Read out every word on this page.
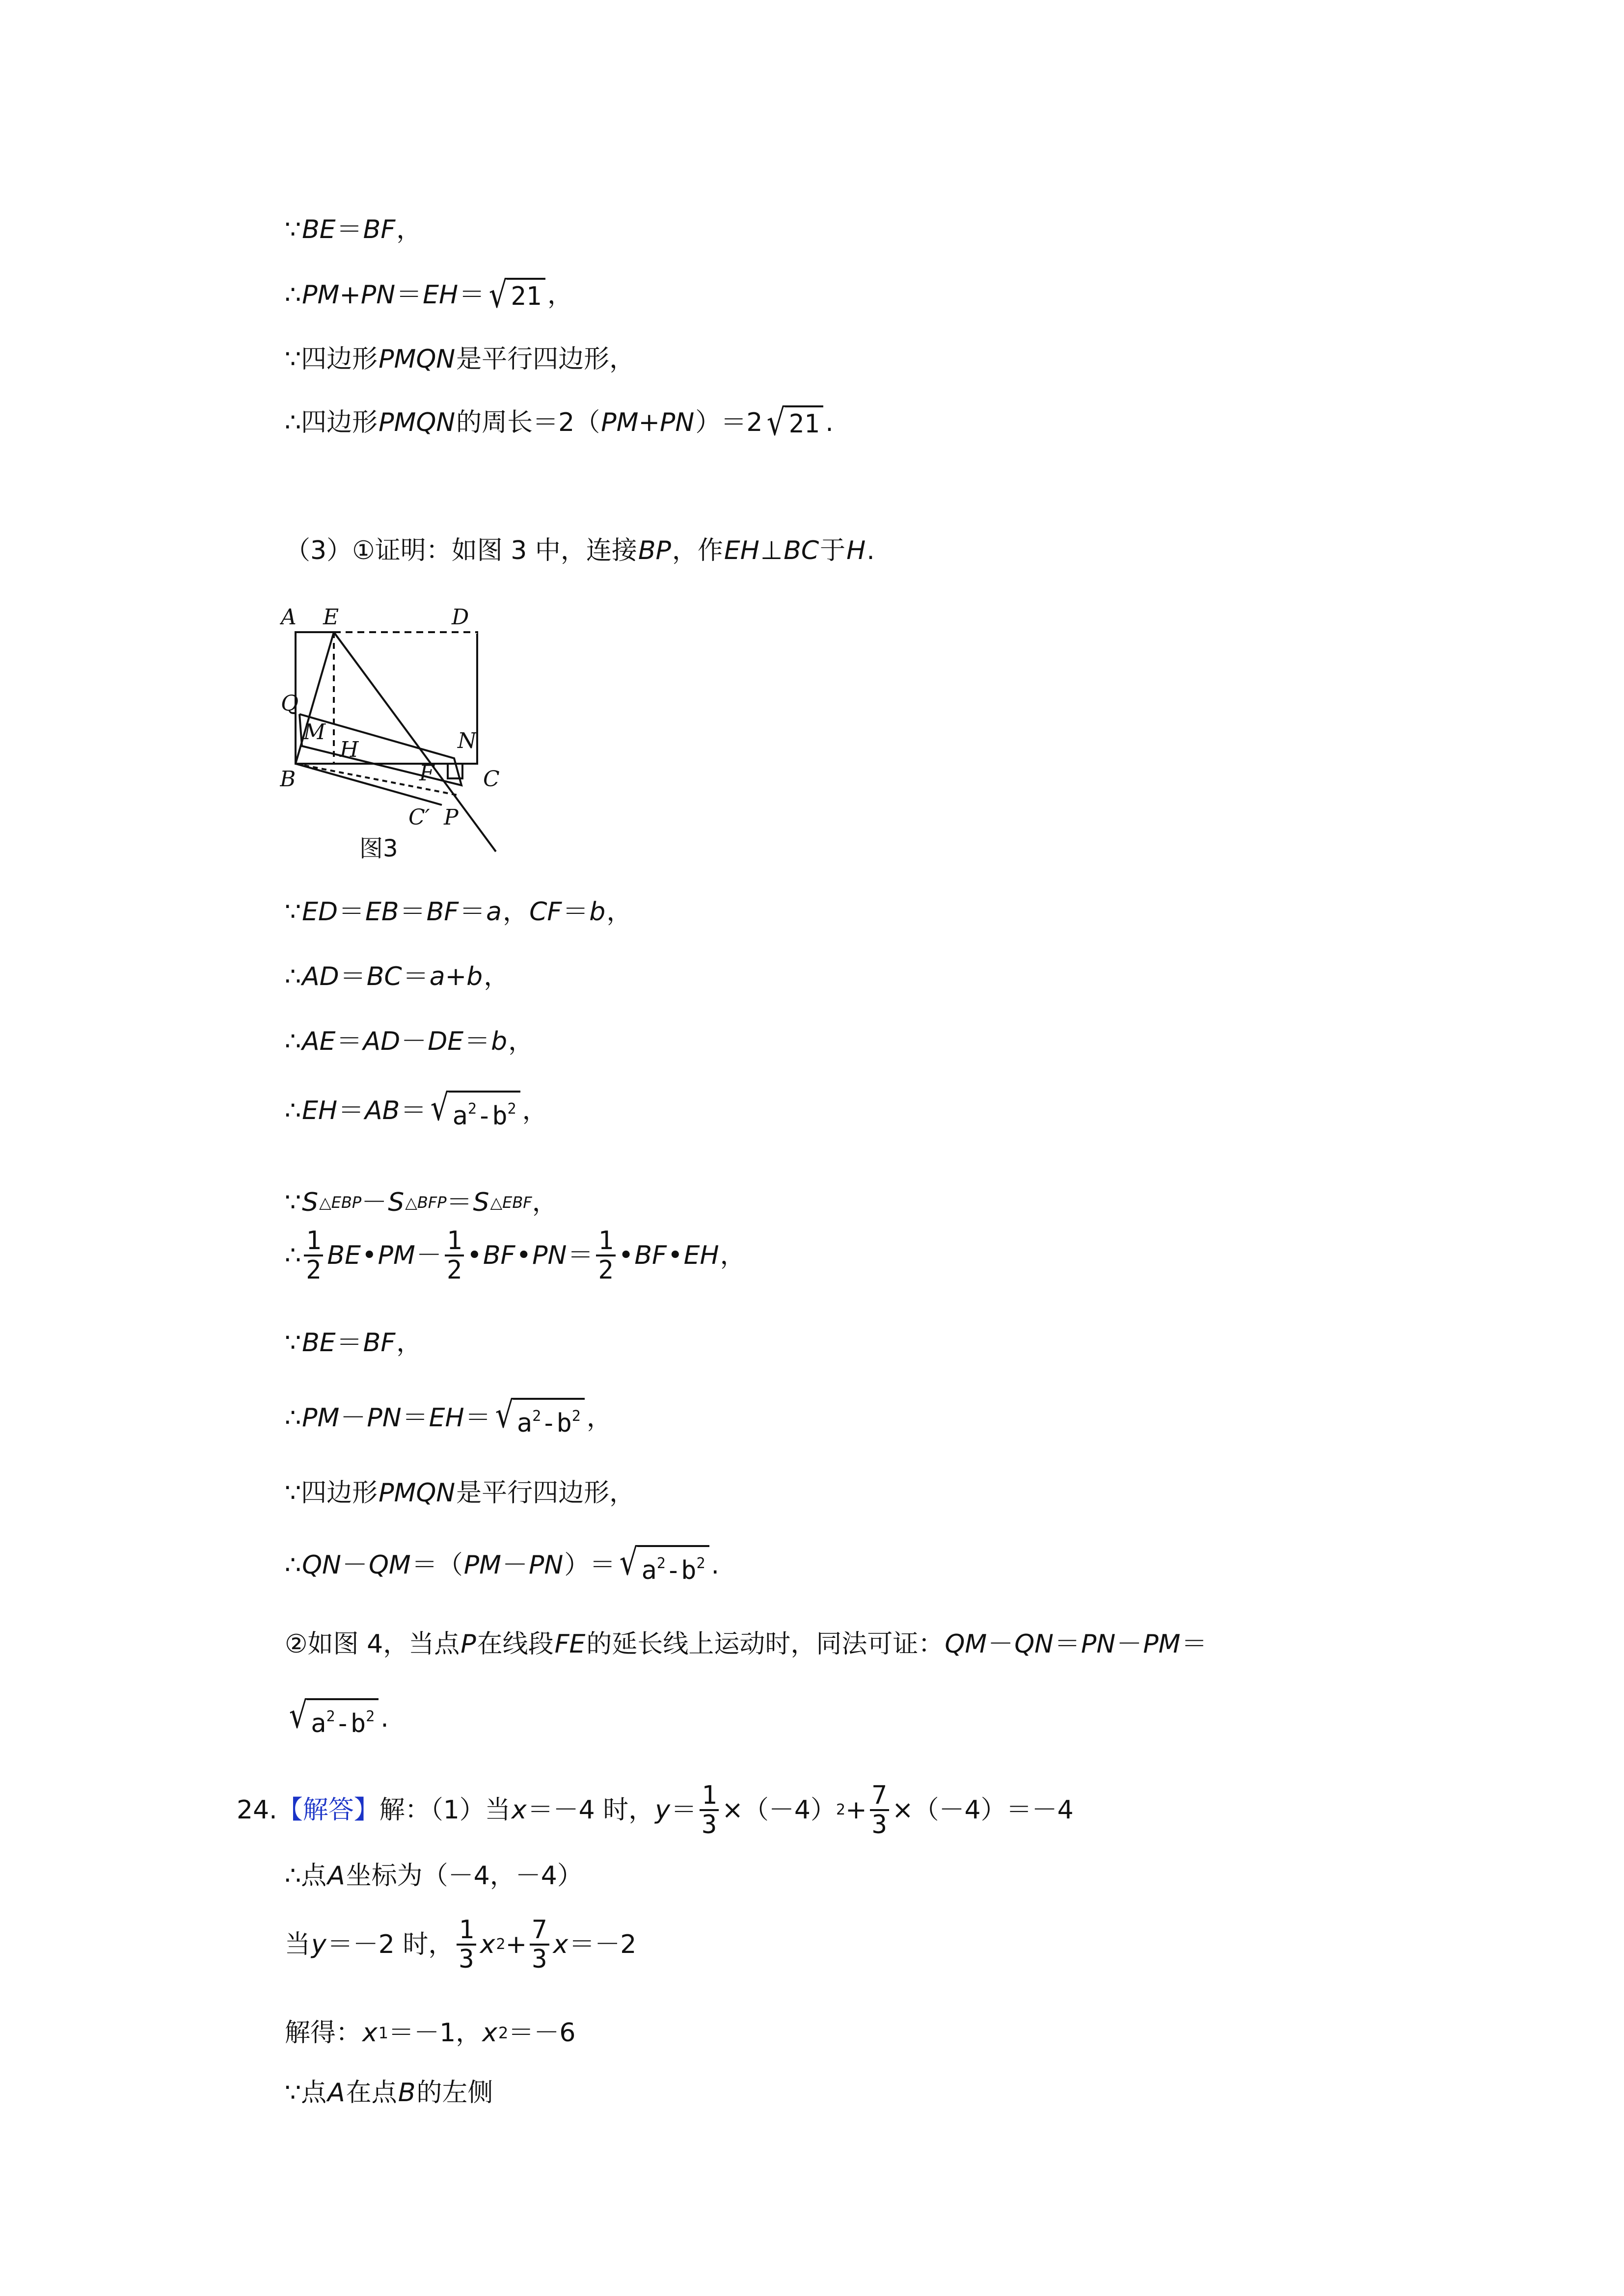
∵ BE ＝ BF ，
∴ PM+PN ＝ EH ＝ √ 21 ，
∵四边形 PMQN 是平行四边形，
∴四边形 PMQN 的周长＝2（ PM+PN ）＝2 √ 21 .
（3）①证明：如图 3 中，连接 BP ，作 EH ⊥ BC 于 H .
A E	D
Q
M
H	N
B	F C
C′ P
图3
∵ ED ＝ EB ＝ BF ＝ a ， CF ＝ b ，
∴ AD ＝ BC ＝ a+b ，
∴ AE ＝ AD － DE ＝ b ，
∴ EH ＝ AB ＝ √ $a^2-b^2$ ，
∵ S △EBP － S △BFP ＝ S △EBF ，
∴ $\frac{1}{2}$ BE • PM － $\frac{1}{2}$ • BF • PN ＝ $\frac{1}{2}$ • BF • EH ，
∵ BE ＝ BF ，
∴ PM － PN ＝ EH ＝ √ $a^2-b^2$ ，
∵四边形 PMQN 是平行四边形，
∴ QN － QM ＝（ PM － PN ）＝ √ $a^2-b^2$ .
②如图 4，当点 P 在线段 FE 的延长线上运动时，同法可证： QM － QN ＝ PN － PM ＝
√ $a^2-b^2$ .
24. 【解答】 解：（1）当 x ＝－4 时， $y = \frac{1}{3} \times(-4) 2 + \frac{7}{3} \times(-4)=-4$
∴点 A 坐标为（－4，－4）
当 y ＝－2 时， $\frac{1}{3}$ x $2 + \frac{7}{3}$ x ＝－2
解得： x 1 ＝－1， x 2 ＝－6
∵点 A 在点 B 的左侧
